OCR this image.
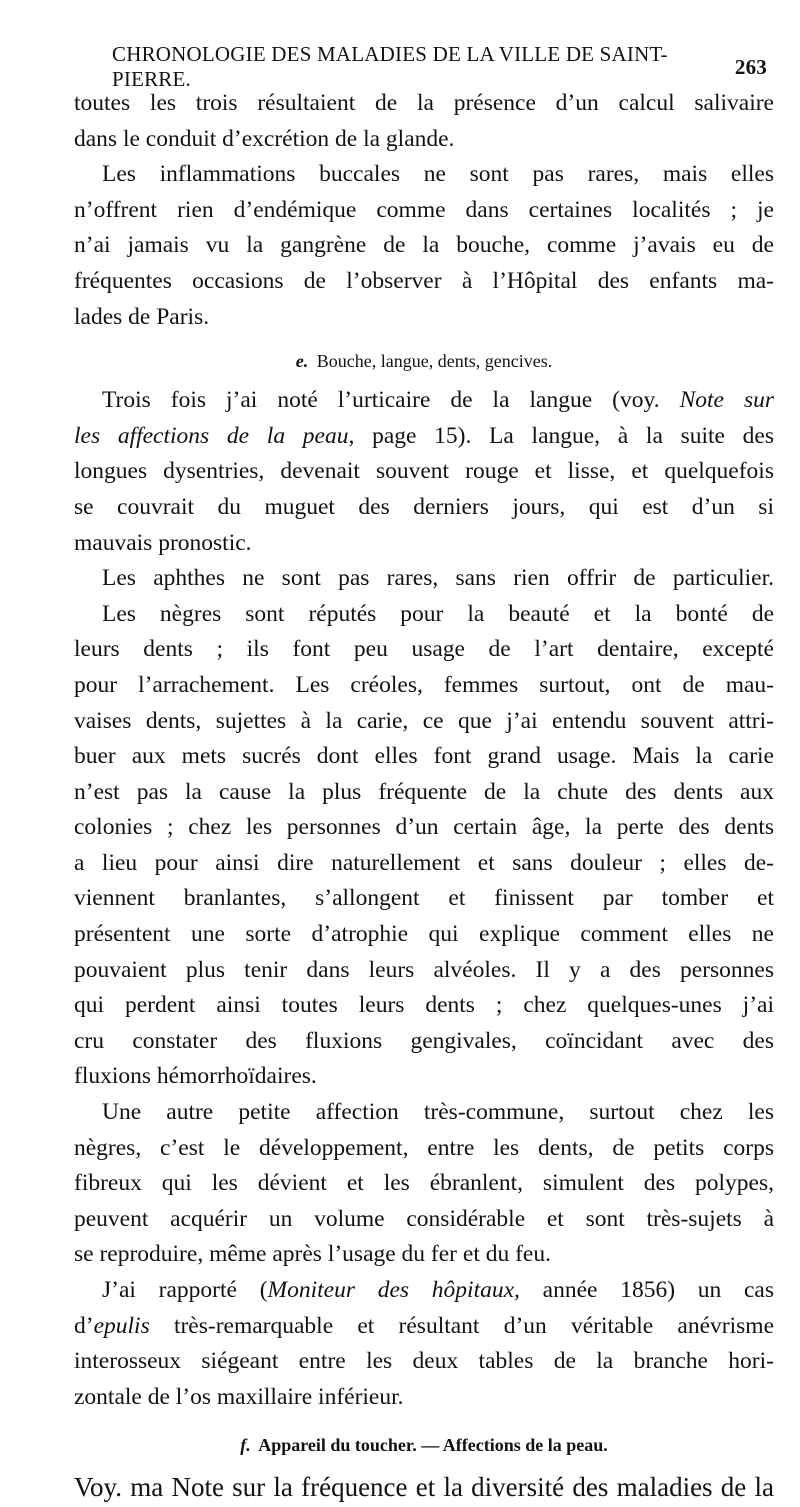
CHRONOLOGIE DES MALADIES DE LA VILLE DE SAINT-PIERRE.
263
toutes les trois résultaient de la présence d’un calcul salivaire
dans le conduit d’excrétion de la glande.
Les inflammations buccales ne sont pas rares, mais elles
n’offrent rien d’endémique comme dans certaines localités ; je
n’ai jamais vu la gangrène de la bouche, comme j’avais eu de
fréquentes occasions de l’observer à l’Hôpital des enfants ma-
lades de Paris.
e. Bouche, langue, dents, gencives.
Trois fois j’ai noté l’urticaire de la langue (voy. Note sur
les affections de la peau, page 15). La langue, à la suite des
longues dysentries, devenait souvent rouge et lisse, et quelquefois
se couvrait du muguet des derniers jours, qui est d’un si
mauvais pronostic.
Les aphthes ne sont pas rares, sans rien offrir de particulier.
Les nègres sont réputés pour la beauté et la bonté de
leurs dents ; ils font peu usage de l’art dentaire, excepté
pour l’arrachement. Les créoles, femmes surtout, ont de mau-
vaises dents, sujettes à la carie, ce que j’ai entendu souvent attri-
buer aux mets sucrés dont elles font grand usage. Mais la carie
n’est pas la cause la plus fréquente de la chute des dents aux
colonies ; chez les personnes d’un certain âge, la perte des dents
a lieu pour ainsi dire naturellement et sans douleur ; elles de-
viennent branlantes, s’allongent et finissent par tomber et
présentent une sorte d’atrophie qui explique comment elles ne
pouvaient plus tenir dans leurs alvéoles. Il y a des personnes
qui perdent ainsi toutes leurs dents ; chez quelques-unes j’ai
cru constater des fluxions gengivales, coïncidant avec des
fluxions hémorrhoïdaires.
Une autre petite affection très-commune, surtout chez les
nègres, c’est le développement, entre les dents, de petits corps
fibreux qui les dévient et les ébranlent, simulent des polypes,
peuvent acquérir un volume considérable et sont très-sujets à
se reproduire, même après l’usage du fer et du feu.
J’ai rapporté (Moniteur des hôpitaux, année 1856) un cas
d’epulis très-remarquable et résultant d’un véritable anévrisme
interosseux siégeant entre les deux tables de la branche hori-
zontale de l’os maxillaire inférieur.
f. Appareil du toucher. — Affections de la peau.
Voy. ma Note sur la fréquence et la diversité des maladies de la
